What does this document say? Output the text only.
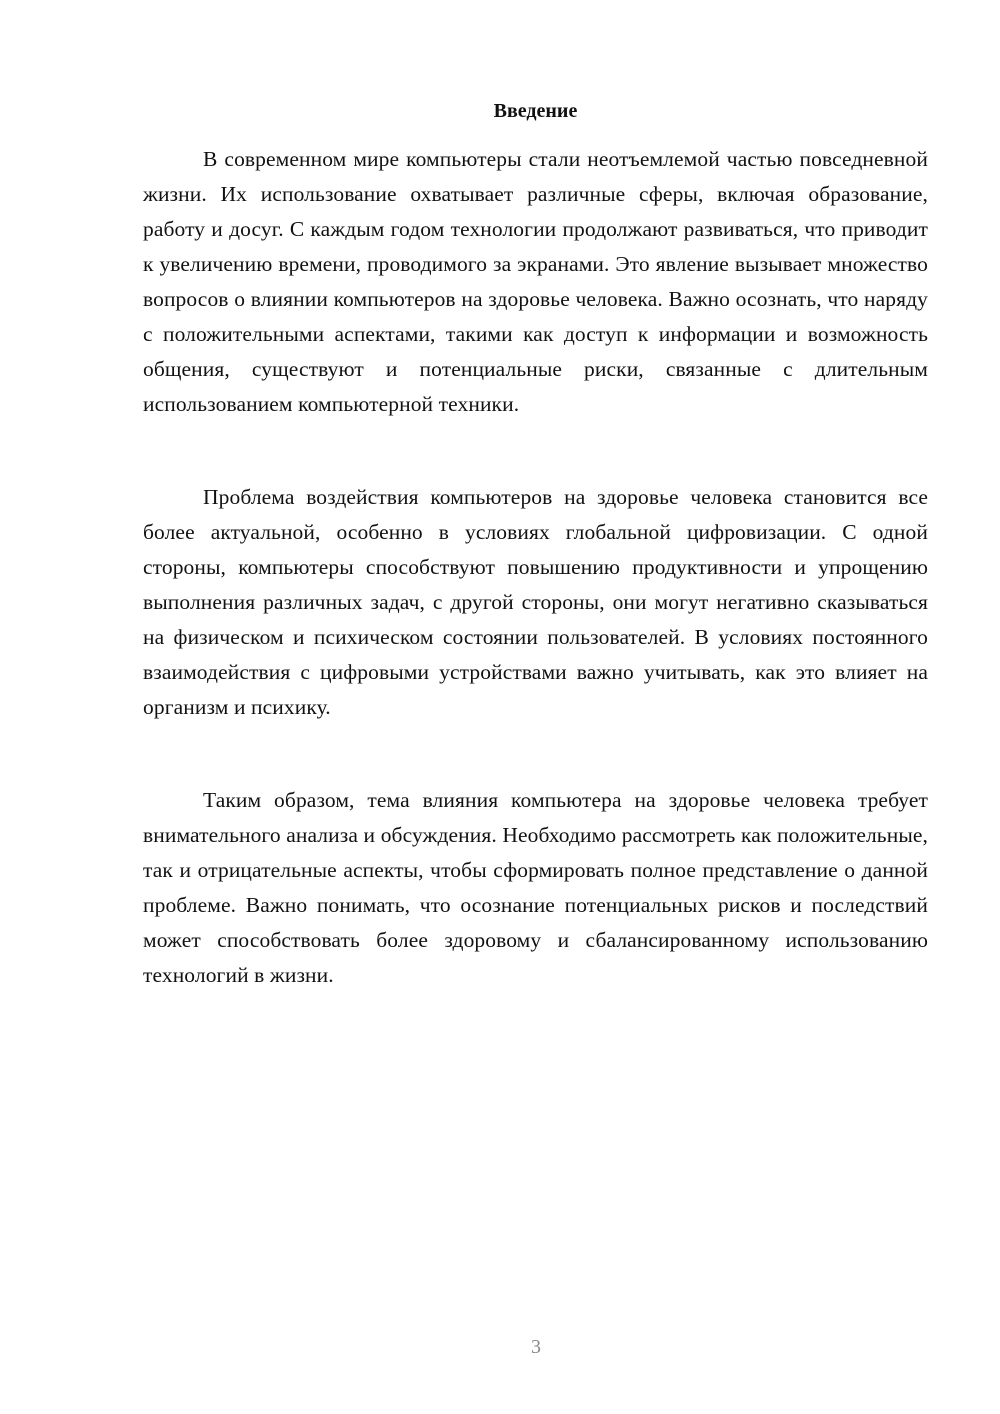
Введение

В современном мире компьютеры стали неотъемлемой частью повседневной жизни. Их использование охватывает различные сферы, включая образование, работу и досуг. С каждым годом технологии продолжают развиваться, что приводит к увеличению времени, проводимого за экранами. Это явление вызывает множество вопросов о влиянии компьютеров на здоровье человека. Важно осознать, что наряду с положительными аспектами, такими как доступ к информации и возможность общения, существуют и потенциальные риски, связанные с длительным использованием компьютерной техники.

Проблема воздействия компьютеров на здоровье человека становится все более актуальной, особенно в условиях глобальной цифровизации. С одной стороны, компьютеры способствуют повышению продуктивности и упрощению выполнения различных задач, с другой стороны, они могут негативно сказываться на физическом и психическом состоянии пользователей. В условиях постоянного взаимодействия с цифровыми устройствами важно учитывать, как это влияет на организм и психику.

Таким образом, тема влияния компьютера на здоровье человека требует внимательного анализа и обсуждения. Необходимо рассмотреть как положительные, так и отрицательные аспекты, чтобы сформировать полное представление о данной проблеме. Важно понимать, что осознание потенциальных рисков и последствий может способствовать более здоровому и сбалансированному использованию технологий в жизни.

3
